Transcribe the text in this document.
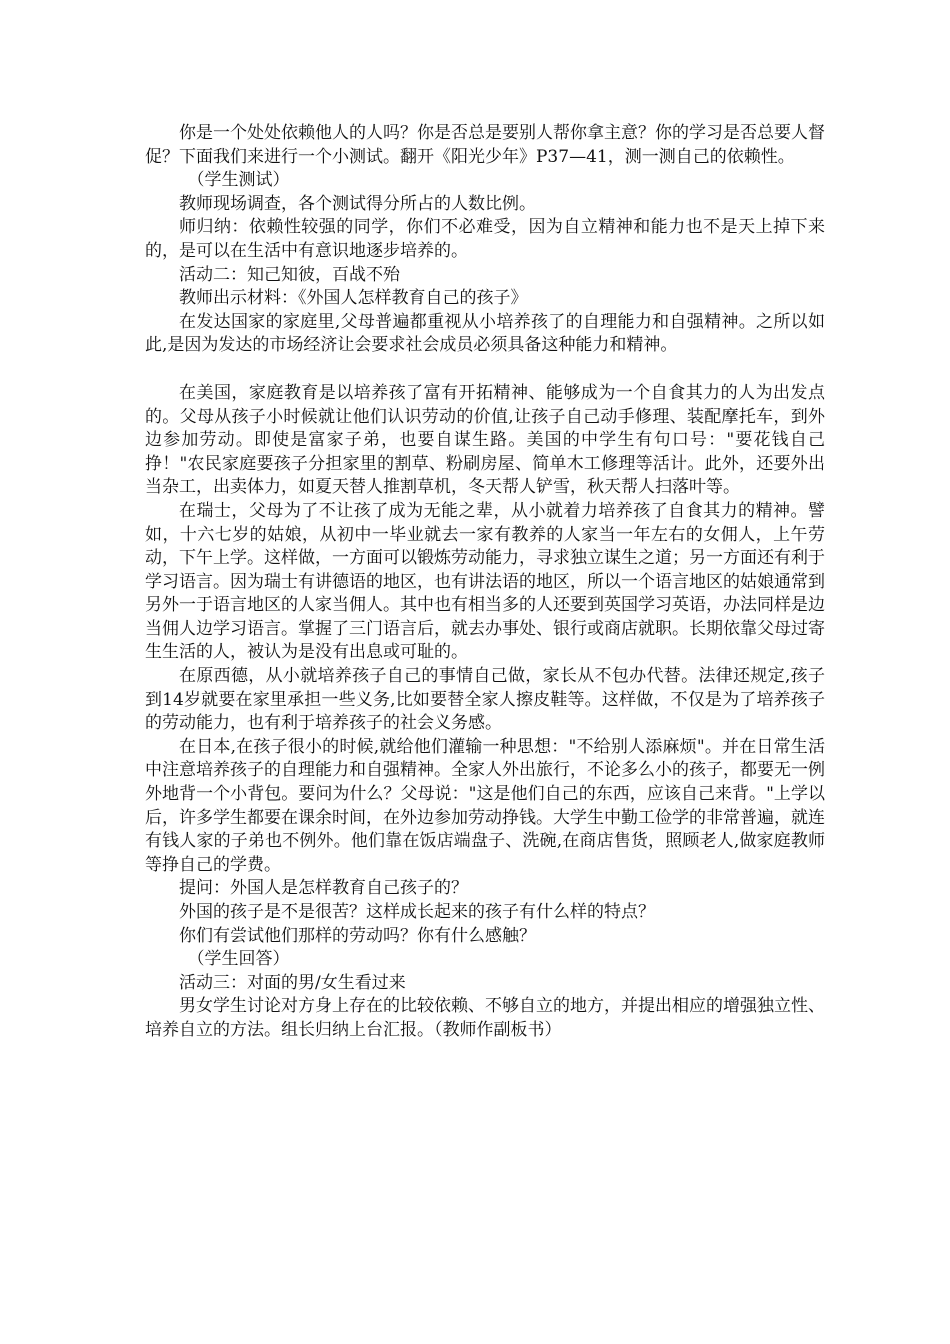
你是一个处处依赖他人的人吗？你是否总是要别人帮你拿主意？你的学习是否总要人督促？下面我们来进行一个小测试。翻开《阳光少年》P37—41，测一测自己的依赖性。

（学生测试）

教师现场调查，各个测试得分所占的人数比例。

师归纳：依赖性较强的同学，你们不必难受，因为自立精神和能力也不是天上掉下来的，是可以在生活中有意识地逐步培养的。

活动二：知己知彼，百战不殆

教师出示材料：《外国人怎样教育自己的孩子》

在发达国家的家庭里,父母普遍都重视从小培养孩了的自理能力和自强精神。之所以如此,是因为发达的市场经济让会要求社会成员必须具备这种能力和精神。

在美国，家庭教育是以培养孩了富有开拓精神、能够成为一个自食其力的人为出发点的。父母从孩子小时候就让他们认识劳动的价值,让孩子自己动手修理、装配摩托车，到外边参加劳动。即使是富家子弟，也要自谋生路。美国的中学生有句口号："要花钱自己挣！"农民家庭要孩子分担家里的割草、粉刷房屋、简单木工修理等活计。此外，还要外出当杂工，出卖体力，如夏天替人推割草机，冬天帮人铲雪，秋天帮人扫落叶等。

在瑞士，父母为了不让孩了成为无能之辈，从小就着力培养孩了自食其力的精神。譬如，十六七岁的姑娘，从初中一毕业就去一家有教养的人家当一年左右的女佣人，上午劳动，下午上学。这样做，一方面可以锻炼劳动能力，寻求独立谋生之道；另一方面还有利于学习语言。因为瑞士有讲德语的地区，也有讲法语的地区，所以一个语言地区的姑娘通常到另外一于语言地区的人家当佣人。其中也有相当多的人还要到英国学习英语，办法同样是边当佣人边学习语言。掌握了三门语言后，就去办事处、银行或商店就职。长期依靠父母过寄生生活的人，被认为是没有出息或可耻的。

在原西德，从小就培养孩子自己的事情自己做，家长从不包办代替。法律还规定,孩子到14岁就要在家里承担一些义务,比如要替全家人擦皮鞋等。这样做，不仅是为了培养孩子的劳动能力，也有利于培养孩子的社会义务感。

在日本,在孩子很小的时候,就给他们灌输一种思想："不给别人添麻烦"。并在日常生活中注意培养孩子的自理能力和自强精神。全家人外出旅行，不论多么小的孩子，都要无一例外地背一个小背包。要问为什么？父母说："这是他们自己的东西，应该自己来背。"上学以后，许多学生都要在课余时间，在外边参加劳动挣钱。大学生中勤工俭学的非常普遍，就连有钱人家的子弟也不例外。他们靠在饭店端盘子、洗碗,在商店售货，照顾老人,做家庭教师等挣自己的学费。

提问：外国人是怎样教育自己孩子的？

外国的孩子是不是很苦？这样成长起来的孩子有什么样的特点？

你们有尝试他们那样的劳动吗？你有什么感触？

（学生回答）

活动三：对面的男/女生看过来

男女学生讨论对方身上存在的比较依赖、不够自立的地方，并提出相应的增强独立性、培养自立的方法。组长归纳上台汇报。（教师作副板书）
